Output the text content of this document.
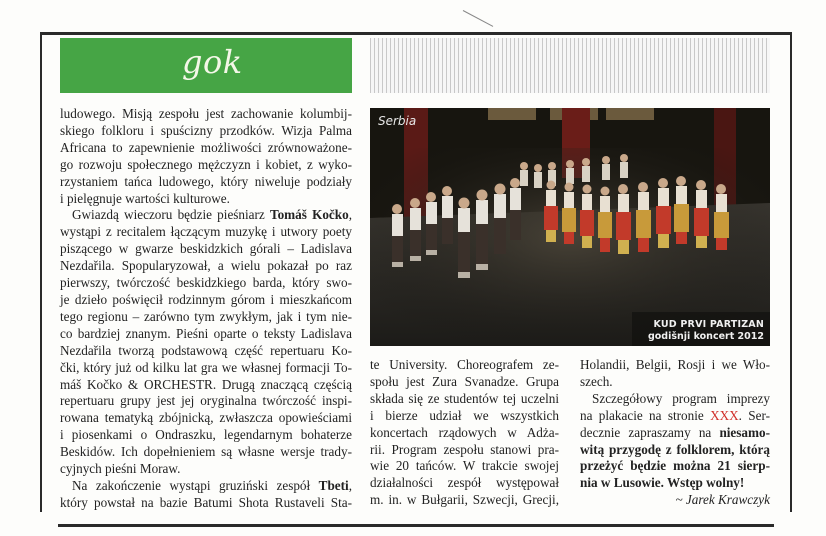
gok
Serbia
KUD PRVI PARTIZAN
godišnji koncert 2012

ludowego. Misją zespołu jest zachowanie kolumbij-
skiego folkloru i spuścizny przodków. Wizja Palma
Africana to zapewnienie możliwości zrównoważone-
go rozwoju społecznego mężczyzn i kobiet, z wyko-
rzystaniem tańca ludowego, który niweluje podziały
i pielęgnuje wartości kulturowe.

Gwiazdą wieczoru będzie pieśniarz Tomáš Kočko,
wystąpi z recitalem łączącym muzykę i utwory poety
piszącego w gwarze beskidzkich górali – Ladislava
Nezdařila. Spopularyzował, a wielu pokazał po raz
pierwszy, twórczość beskidzkiego barda, który swo-
je dzieło poświęcił rodzinnym górom i mieszkańcom
tego regionu – zarówno tym zwykłym, jak i tym nie-
co bardziej znanym. Pieśni oparte o teksty Ladislava
Nezdařila tworzą podstawową część repertuaru Ko-
čki, który już od kilku lat gra we własnej formacji To-
máš Kočko & ORCHESTR. Drugą znaczącą częścią
repertuaru grupy jest jej oryginalna twórczość inspi-
rowana tematyką zbójnicką, zwłaszcza opowieściami
i piosenkami o Ondraszku, legendarnym bohaterze
Beskidów. Ich dopełnieniem są własne wersje trady-
cyjnych pieśni Moraw.

Na zakończenie wystąpi gruziński zespół Tbeti,
który powstał na bazie Batumi Shota Rustaveli Sta-

te University. Choreografem ze-
społu jest Zura Svanadze. Grupa
składa się ze studentów tej uczelni
i bierze udział we wszystkich
koncertach rządowych w Adża-
rii. Program zespołu stanowi pra-
wie 20 tańców. W trakcie swojej
działalności zespół występował
m. in. w Bułgarii, Szwecji, Grecji,
Holandii, Belgii, Rosji i we Wło-
szech.
Szczegółowy program imprezy
na plakacie na stronie XXX. Ser-
decznie zapraszamy na niesamo-
witą przygodę z folklorem, którą
przeżyć będzie można 21 sierp-
nia w Lusowie. Wstęp wolny!
~ Jarek Krawczyk
